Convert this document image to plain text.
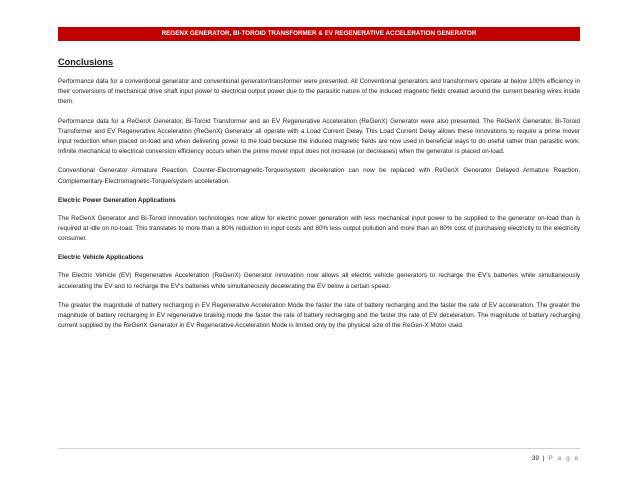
REGENX GENERATOR, BI-TOROID TRANSFORMER & EV REGENERATIVE ACCELERATION GENERATOR
Conclusions

Performance data for a conventional generator and conventional generator/transformer were presented. All Conventional generators and transformers operate at below 100% efficiency in their conversions of mechanical drive shaft input power to electrical output power due to the parasitic nature of the induced magnetic fields created around the current bearing wires inside them.

Performance data for a ReGenX Generator, Bi-Toroid Transformer and an EV Regenerative Acceleration (ReGenX) Generator were also presented. The ReGenX Generator, Bi-Toroid Transformer and EV Regenerative Acceleration (ReGenX) Generator all operate with a Load Current Delay. This Load Current Delay allows these innovations to require a prime mover input reduction when placed on-load and when delivering power to the load because the induced magnetic fields are now used in beneficial ways to do useful rather than parasitic work. Infinite mechanical to electrical conversion efficiency occurs when the prime mover input does not increase (or decreases) when the generator is placed on-load.

Conventional Generator Armature Reaction, Counter-Electromagnetic-Torque/system deceleration can now be replaced with ReGenX Generator Delayed Armature Reaction, Complementary-Electromagnetic-Torque/system acceleration.

Electric Power Generation Applications

The ReGenX Generator and Bi-Toroid innovation technologies now allow for electric power generation with less mechanical input power to be supplied to the generator on-load than is required at idle on no-load. This translates to more than a 80% reduction in input costs and 80% less output pollution and more than an 80% cost of purchasing electricity to the electricity consumer.

Electric Vehicle Applications

The Electric Vehicle (EV) Regenerative Acceleration (ReGenX) Generator innovation now allows all electric vehicle generators to recharge the EV's batteries while simultaneously accelerating the EV and to recharge the EV's batteries while simultaneously decelerating the EV below a certain speed.

The greater the magnitude of battery recharging in EV Regenerative Acceleration Mode the faster the rate of battery recharging and the faster the rate of EV acceleration. The greater the magnitude of battery recharging in EV regenerative braking mode the faster the rate of battery recharging and the faster the rate of EV deceleration. The magnitude of battery recharging current supplied by the ReGenX Generator in EV Regenerative Acceleration Mode is limited only by the physical size of the ReGen-X Motor used.

39 | P a g e
